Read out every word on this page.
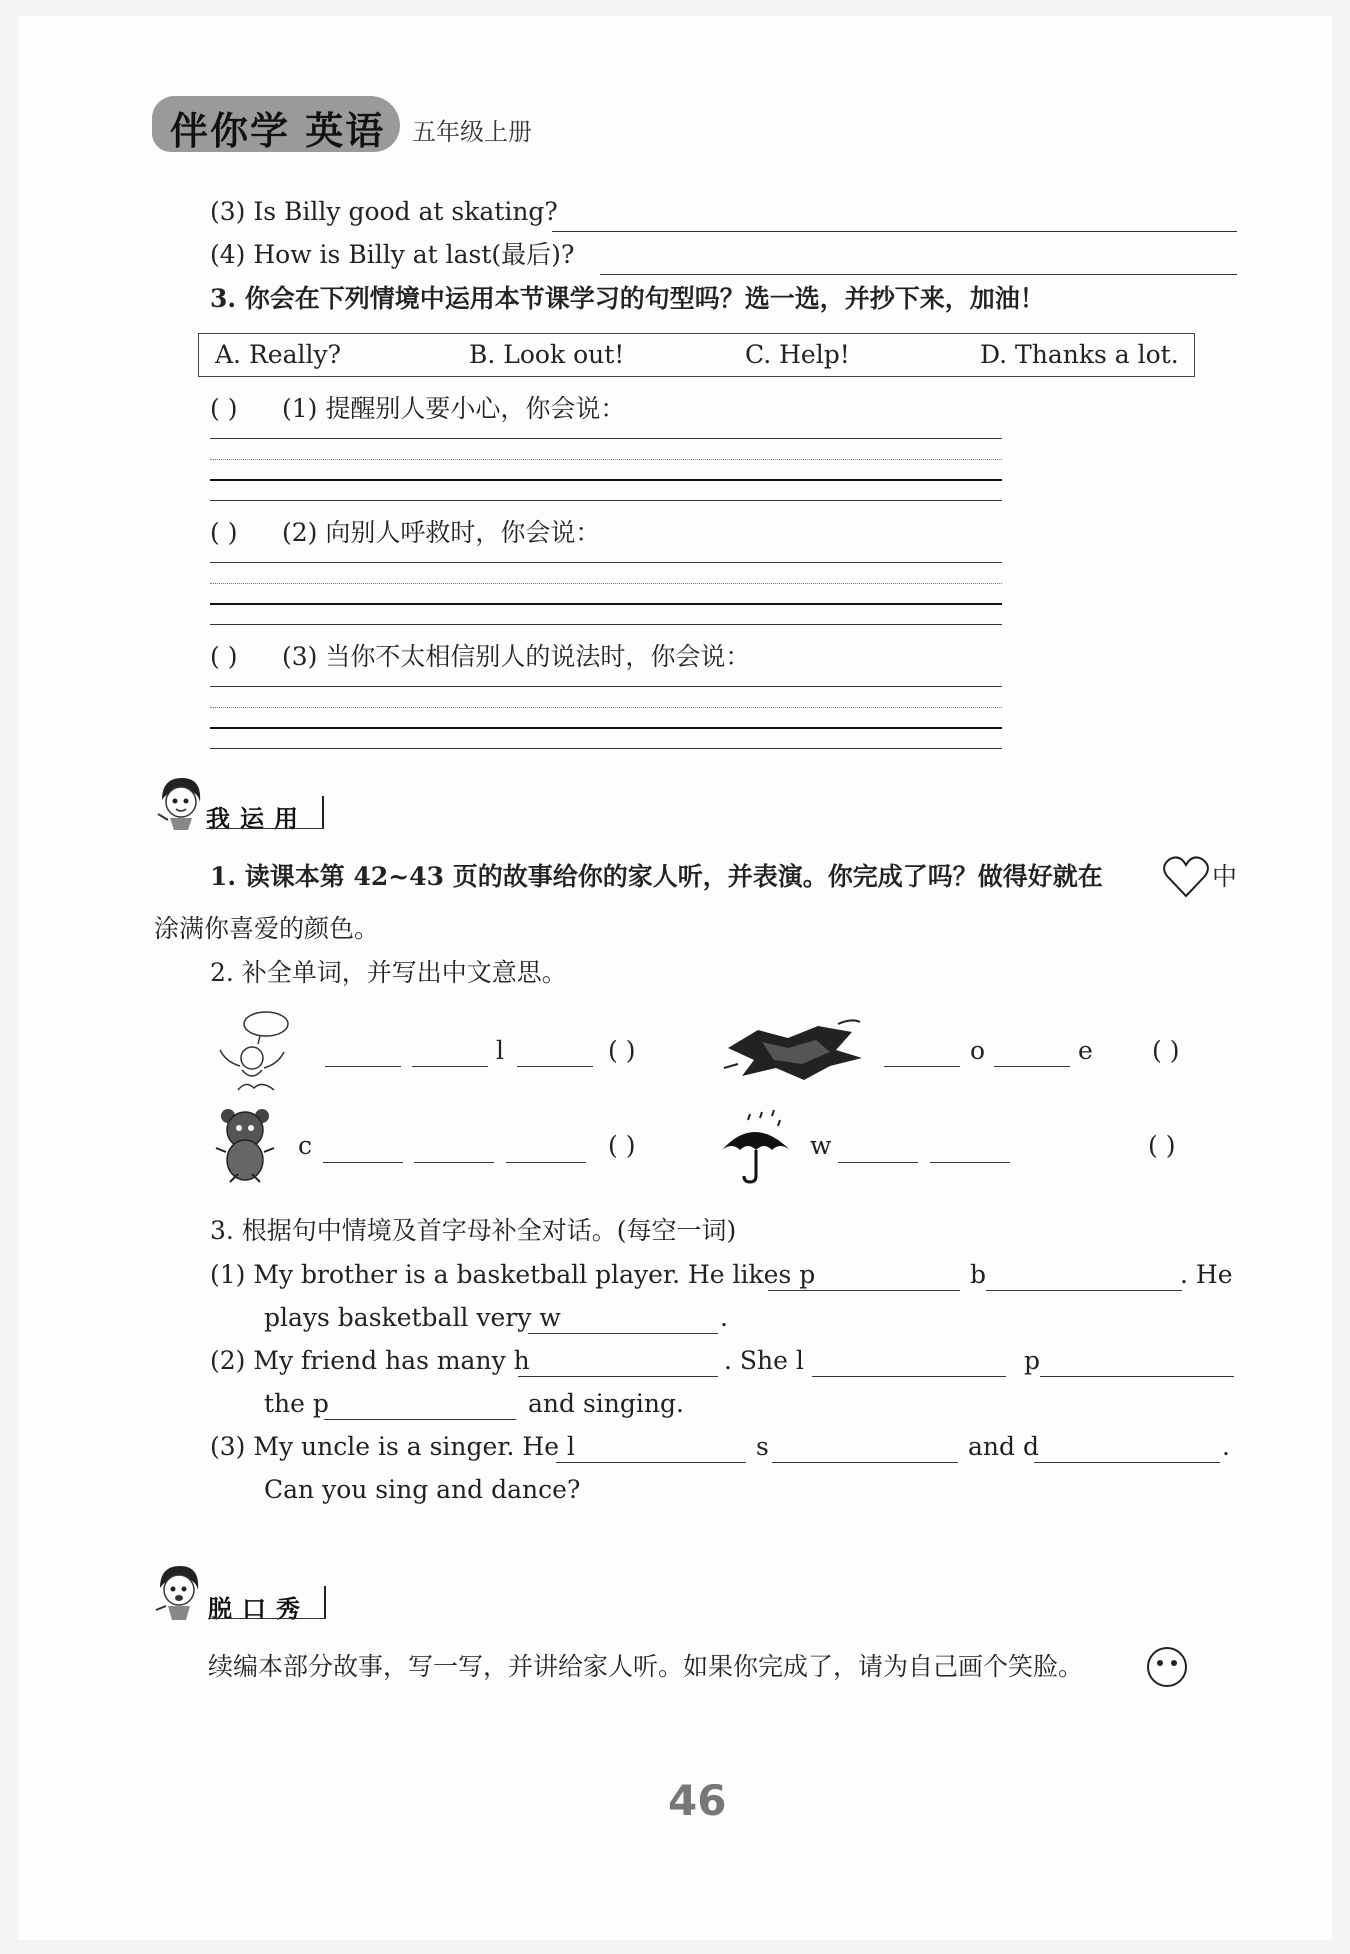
伴你学 英语 五年级上册
(3) Is Billy good at skating?
(4) How is Billy at last(最后)?
3. 你会在下列情境中运用本节课学习的句型吗？选一选，并抄下来，加油！
A. Really?	B. Look out!	C. Help!	D. Thanks a lot.
( ) (1) 提醒别人要小心，你会说：
( ) (2) 向别人呼救时，你会说：
( ) (3) 当你不太相信别人的说法时，你会说：
我运用
1. 读课本第 42~43 页的故事给你的家人听，并表演。你完成了吗？做得好就在	中
涂满你喜爱的颜色。
2. 补全单词，并写出中文意思。
l	( )	o	e ( )
c	( )	w	( )
3. 根据句中情境及首字母补全对话。(每空一词)
(1) My brother is a basketball player. He likes p	b	. He
plays basketball very w	.
(2) My friend has many h	. She l	p
the p	and singing.
(3) My uncle is a singer. He l	s	and d	.
Can you sing and dance?
脱口秀
续编本部分故事，写一写，并讲给家人听。如果你完成了，请为自己画个笑脸。
46
